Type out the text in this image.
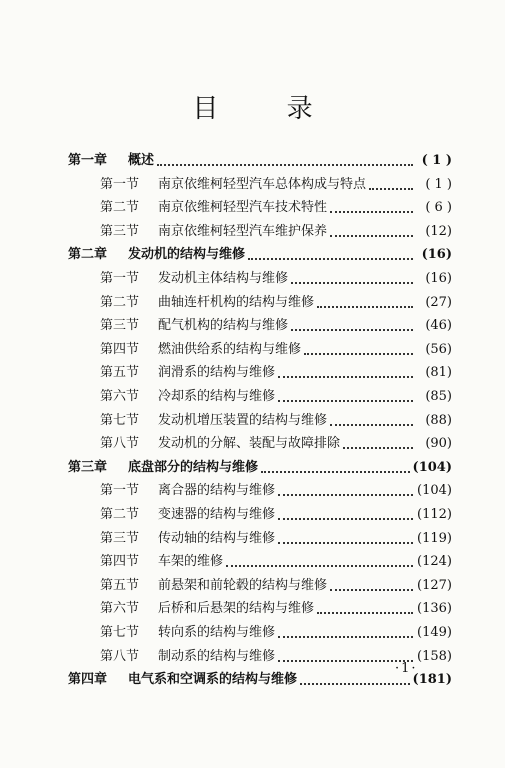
目 录
第一章	概述	( 1 )
第一节	南京依维柯轻型汽车总体构成与特点	( 1 )
第二节	南京依维柯轻型汽车技术特性	( 6 )
第三节	南京依维柯轻型汽车维护保养	(12)
第二章	发动机的结构与维修	(16)
第一节	发动机主体结构与维修	(16)
第二节	曲轴连杆机构的结构与维修	(27)
第三节	配气机构的结构与维修	(46)
第四节	燃油供给系的结构与维修	(56)
第五节	润滑系的结构与维修	(81)
第六节	冷却系的结构与维修	(85)
第七节	发动机增压装置的结构与维修	(88)
第八节	发动机的分解、装配与故障排除	(90)
第三章	底盘部分的结构与维修	(104)
第一节	离合器的结构与维修	(104)
第二节	变速器的结构与维修	(112)
第三节	传动轴的结构与维修	(119)
第四节	车架的维修	(124)
第五节	前悬架和前轮毂的结构与维修	(127)
第六节	后桥和后悬架的结构与维修	(136)
第七节	转向系的结构与维修	(149)
第八节	制动系的结构与维修	(158)
第四章	电气系和空调系的结构与维修	(181)
·1·
